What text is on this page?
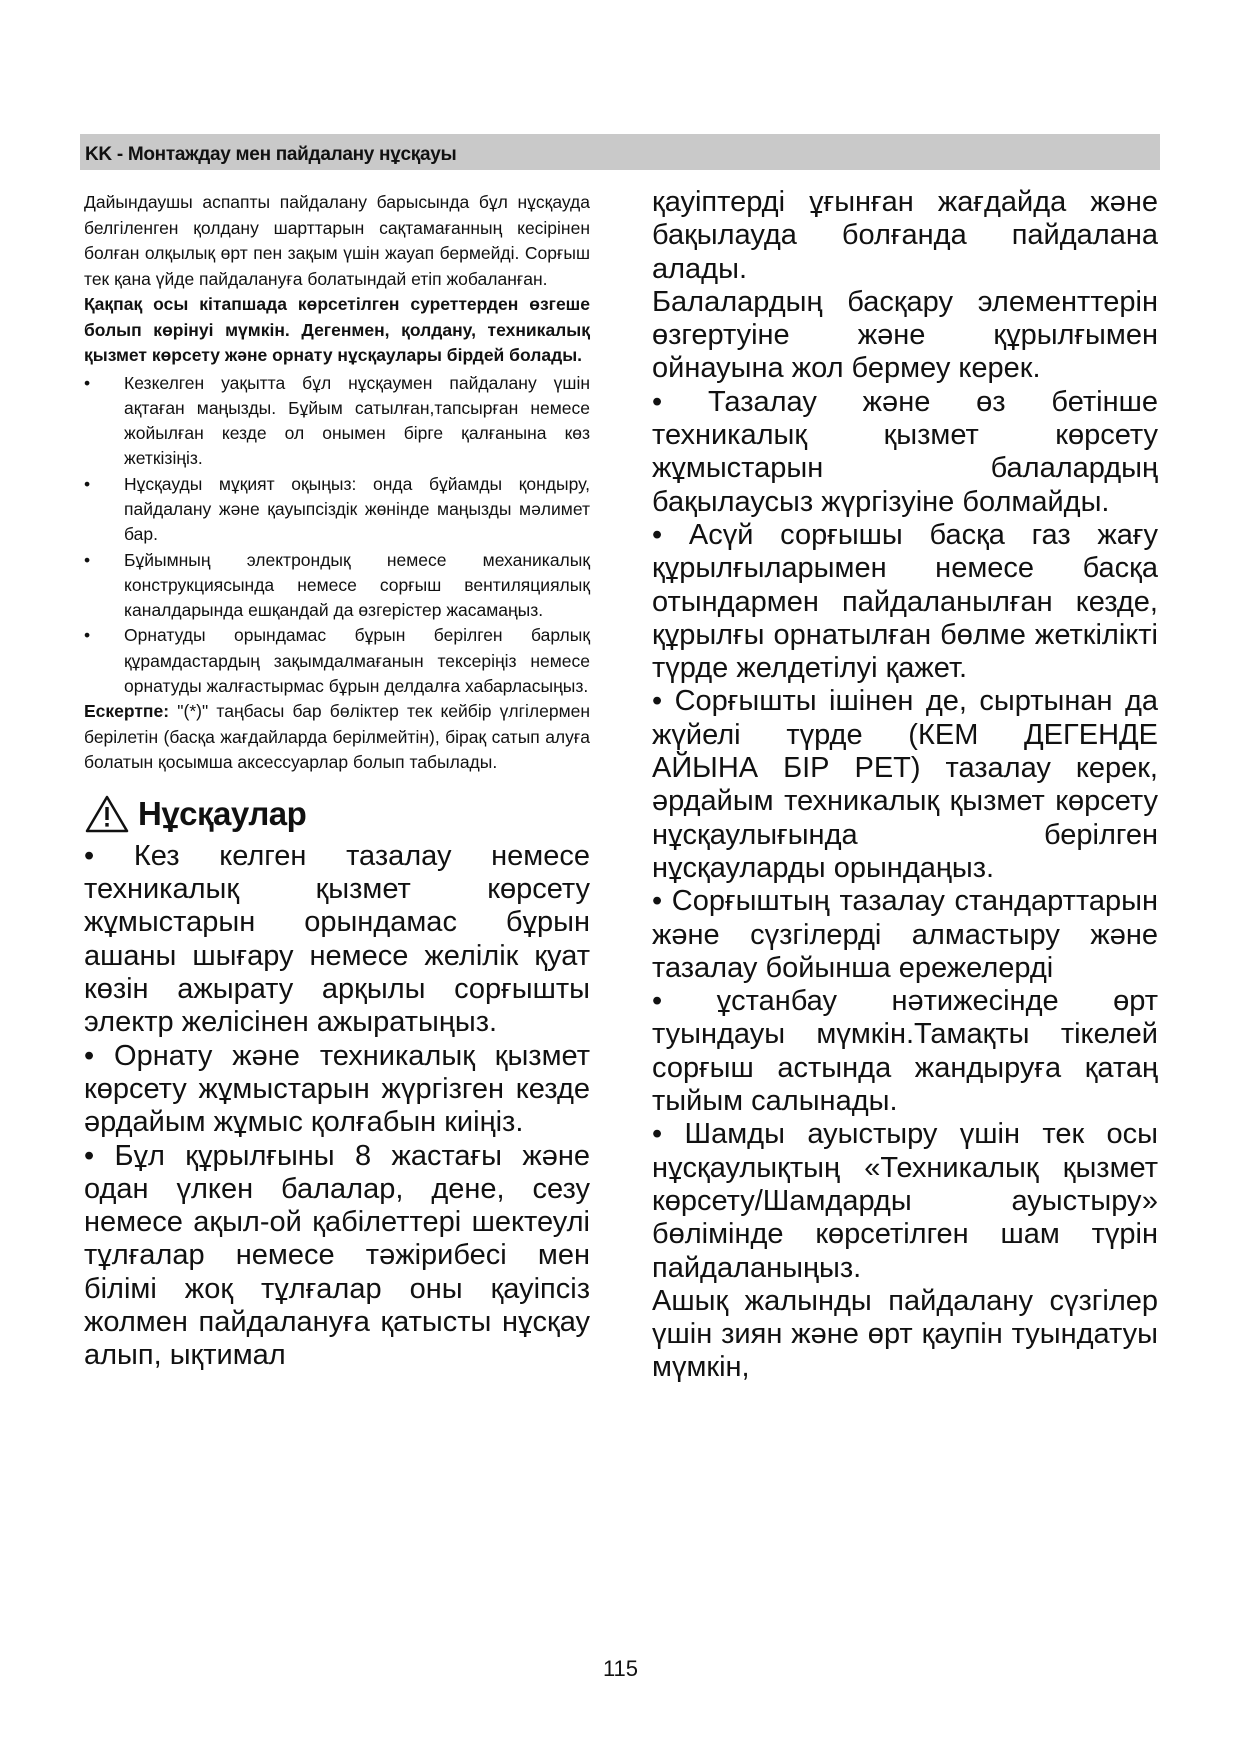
KK - Монтаждау мен пайдалану нұсқауы

Дайындаушы аспапты пайдалану барысында бұл нұсқауда белгіленген қолдану шарттарын сақтамағанның кесірінен болған олқылық өрт пен зақым үшін жауап бермейді. Сорғыш тек қана үйде пайдалануға болатындай етіп жобаланған.

Қақпақ осы кітапшада көрсетілген суреттерден өзгеше болып көрінуі мүмкін. Дегенмен, қолдану, техникалық қызмет көрсету және орнату нұсқаулары бірдей болады.

• Кезкелген уақытта бұл нұсқаумен пайдалану үшін ақтаған маңызды. Бұйым сатылған,тапсырған немесе жойылған кезде ол онымен бірге қалғанына көз жеткізіңіз.
• Нұсқауды мұқият оқыңыз: онда бұйамды қондыру, пайдалану және қауыпсіздік жөнінде маңызды мәлимет бар.
• Бұйымның электрондық немесе механикалық конструкциясында немесе сорғыш вентиляциялық каналдарында ешқандай да өзгерістер жасамаңыз.
• Орнатуды орындамас бұрын берілген барлық құрамдастардың зақымдалмағанын тексеріңіз немесе орнатуды жалғастырмас бұрын делдалға хабарласыңыз.

Ескертпе: "(*)" таңбасы бар бөліктер тек кейбір үлгілермен берілетін (басқа жағдайларда берілмейтін), бірақ сатып алуға болатын қосымша аксессуарлар болып табылады.

Нұсқаулар

• Кез келген тазалау немесе техникалық қызмет көрсету жұмыстарын орындамас бұрын ашаны шығару немесе желілік қуат көзін ажырату арқылы сорғышты электр желісінен ажыратыңыз.

• Орнату және техникалық қызмет көрсету жұмыстарын жүргізген кезде әрдайым жұмыс қолғабын киіңіз.

• Бұл құрылғыны 8 жастағы және одан үлкен балалар, дене, сезу немесе ақыл-ой қабілеттері шектеулі тұлғалар немесе тәжірибесі мен білімі жоқ тұлғалар оны қауіпсіз жолмен пайдалануға қатысты нұсқау алып, ықтимал

қауіптерді ұғынған жағдайда және бақылауда болғанда пайдалана алады.

Балалардың басқару элементтерін өзгертуіне және құрылғымен ойнауына жол бермеу керек.

• Тазалау және өз бетінше техникалық қызмет көрсету жұмыстарын балалардың бақылаусыз жүргізуіне болмайды.

• Асүй сорғышы басқа газ жағу құрылғыларымен немесе басқа отындармен пайдаланылған кезде, құрылғы орнатылған бөлме жеткілікті түрде желдетілуі қажет.

• Сорғышты ішінен де, сыртынан да жүйелі түрде (КЕМ ДЕГЕНДЕ АЙЫНА БІР РЕТ) тазалау керек, әрдайым техникалық қызмет көрсету нұсқаулығында берілген нұсқауларды орындаңыз.

• Сорғыштың тазалау стандарттарын және сүзгілерді алмастыру және тазалау бойынша ережелерді

• ұстанбау нәтижесінде өрт туындауы мүмкін.Тамақты тікелей сорғыш астында жандыруға қатаң тыйым салынады.

• Шамды ауыстыру үшін тек осы нұсқаулықтың «Техникалық қызмет көрсету/Шамдарды ауыстыру» бөлімінде көрсетілген шам түрін пайдаланыңыз.

Ашық жалынды пайдалану сүзгілер үшін зиян және өрт қаупін туындатуы мүмкін,

115
